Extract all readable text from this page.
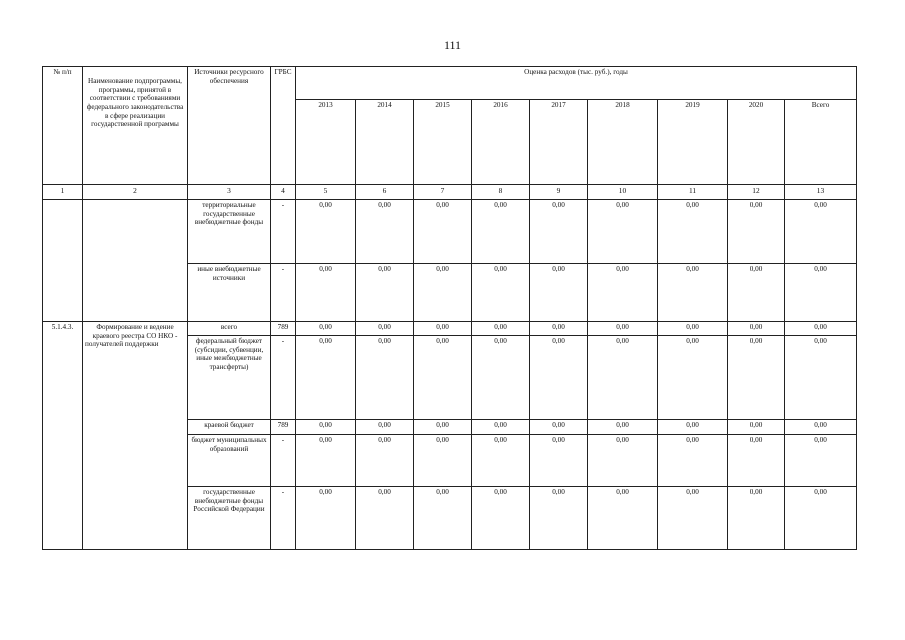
111
№ п/п	Наименование подпрограммы, программы, принятой в соответствии с требованиями федерального законодательства в сфере реализации государственной программы	Источники ресурсного обеспечения	ГРБС	Оценка расходов (тыс. руб.), годы								
				2013	2014	2015	2016	2017	2018	2019	2020	Всего
1	2	3	4	5	6	7	8	9	10	11	12	13
		территориальные государственные внебюджетные фонды	-	0,00	0,00	0,00	0,00	0,00	0,00	0,00	0,00	0,00
		иные внебюджетные источники	-	0,00	0,00	0,00	0,00	0,00	0,00	0,00	0,00	0,00
5.1.4.3.	Формирование и ведение краевого реестра СО НКО - получателей поддержки	всего	789	0,00	0,00	0,00	0,00	0,00	0,00	0,00	0,00	0,00
		федеральный бюджет (субсидии, субвенции, иные межбюджетные трансферты)	-	0,00	0,00	0,00	0,00	0,00	0,00	0,00	0,00	0,00
		краевой бюджет	789	0,00	0,00	0,00	0,00	0,00	0,00	0,00	0,00	0,00
		бюджет муниципальных образований	-	0,00	0,00	0,00	0,00	0,00	0,00	0,00	0,00	0,00
		государственные внебюджетные фонды Российской Федерации	-	0,00	0,00	0,00	0,00	0,00	0,00	0,00	0,00	0,00
